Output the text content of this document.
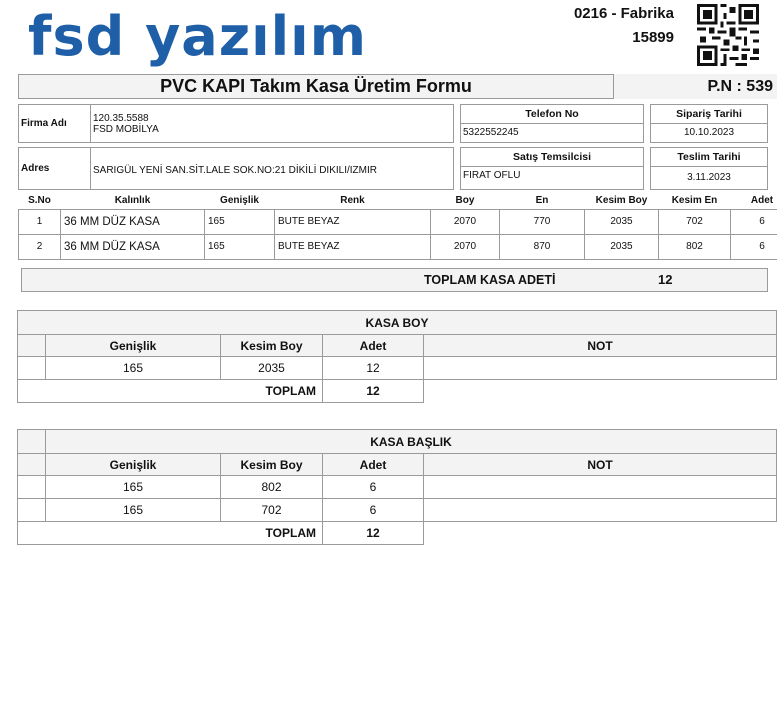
fsd yazılım	0216 - Fabrika
15899
PVC KAPI Takım Kasa Üretim Formu	P.N : 539
Firma Adı	120.35.5588
FSD MOBİLYA
Telefon No
5322552245
Sipariş Tarihi
10.10.2023
Adres	SARIGÜL YENİ SAN.SİT.LALE SOK.NO:21 DİKİLİ DIKILI/IZMIR
Satış Temsilcisi
FIRAT OFLU
Teslim Tarihi
3.11.2023
S.No	Kalınlık	Genişlik	Renk	Boy	En	Kesim Boy	Kesim En	Adet
1	36 MM DÜZ KASA	165	BUTE BEYAZ	2070	770	2035	702	6
2	36 MM DÜZ KASA	165	BUTE BEYAZ	2070	870	2035	802	6
TOPLAM KASA ADETİ	12
KASA BOY				
	Genişlik	Kesim Boy	Adet	NOT
	165	2035	12	
TOPLAM			12	
	KASA BAŞLIK			
	Genişlik	Kesim Boy	Adet	NOT
	165	802	6	
	165	702	6	
TOPLAM			12	
